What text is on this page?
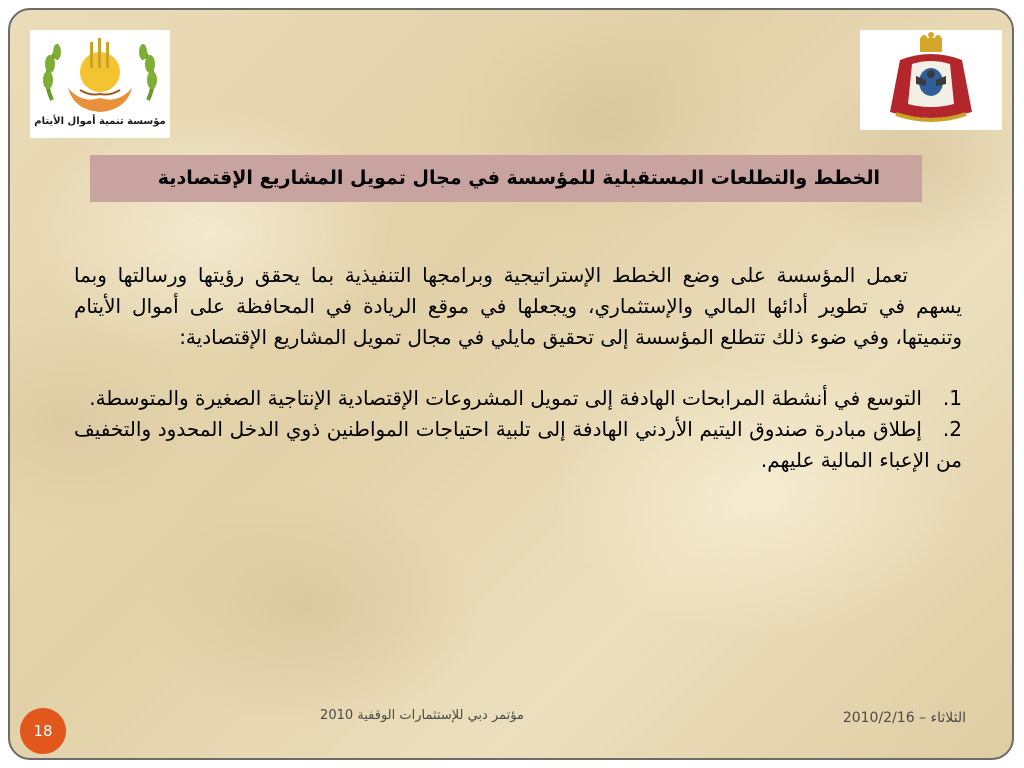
مؤسسة تنمية أموال الأيتام
الخطط والتطلعات المستقبلية للمؤسسة في مجال تمويل المشاريع الإقتصادية

تعمل المؤسسة على وضع الخطط الإستراتيجية وبرامجها التنفيذية بما يحقق رؤيتها ورسالتها وبما يسهم في تطوير أدائها المالي والإستثماري، ويجعلها في موقع الريادة في المحافظة على أموال الأيتام وتنميتها، وفي ضوء ذلك تتطلع المؤسسة إلى تحقيق مايلي في مجال تمويل المشاريع الإقتصادية:

1.التوسع في أنشطة المرابحات الهادفة إلى تمويل المشروعات الإقتصادية الإنتاجية الصغيرة والمتوسطة.
2.إطلاق مبادرة صندوق اليتيم الأردني الهادفة إلى تلبية احتياجات المواطنين ذوي الدخل المحدود والتخفيف من الإعباء المالية عليهم.
الثلاثاء – 2010/2/16
مؤتمر دبي للإستثمارات الوقفية 2010
18
